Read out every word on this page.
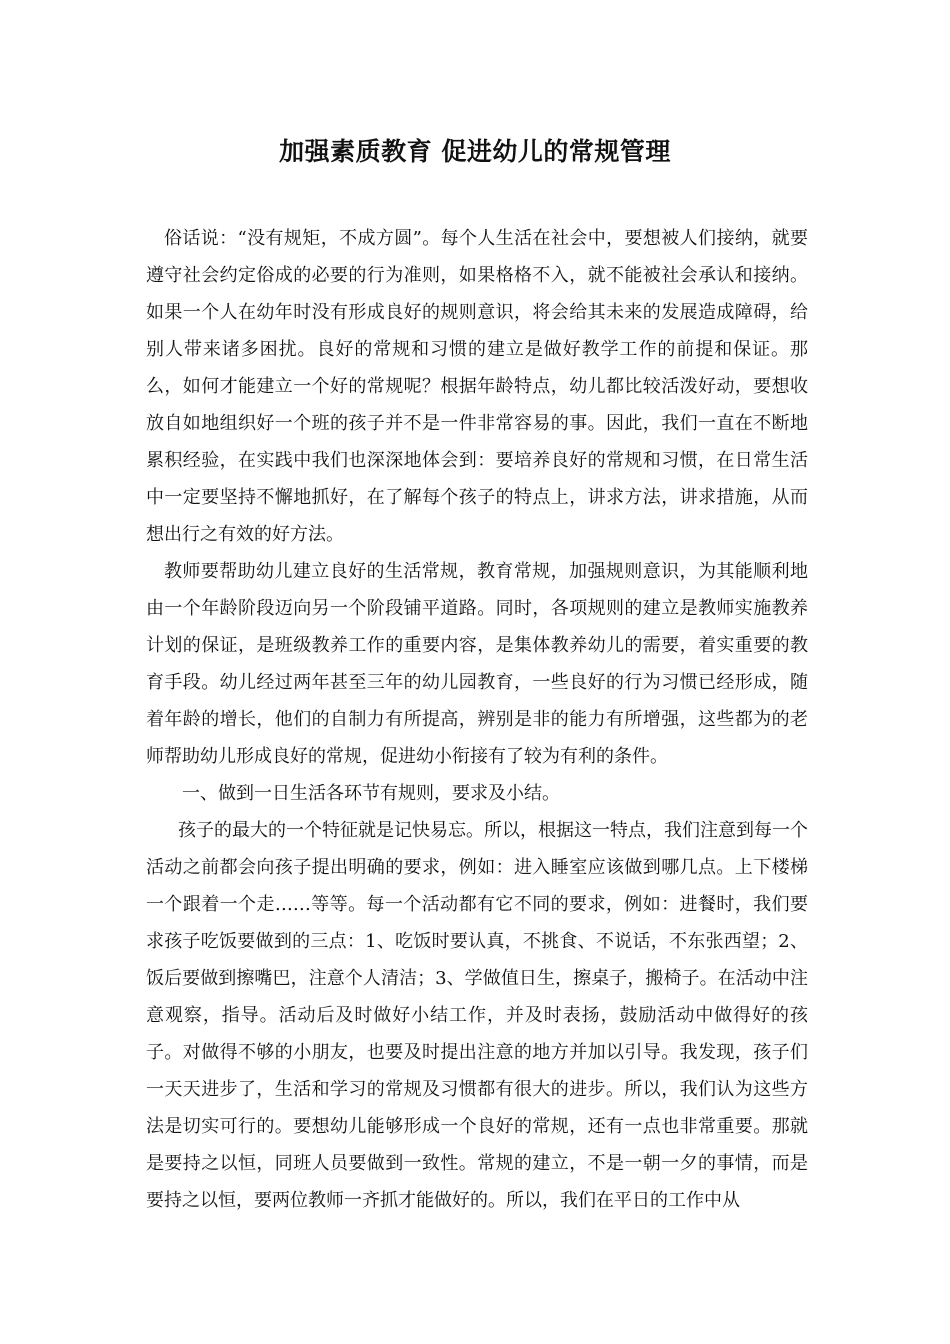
加强素质教育 促进幼儿的常规管理

俗话说：“没有规矩，不成方圆”。每个人生活在社会中，要想被人们接纳，就要遵守社会约定俗成的必要的行为准则，如果格格不入，就不能被社会承认和接纳。如果一个人在幼年时没有形成良好的规则意识，将会给其未来的发展造成障碍，给别人带来诸多困扰。良好的常规和习惯的建立是做好教学工作的前提和保证。那么，如何才能建立一个好的常规呢？根据年龄特点，幼儿都比较活泼好动，要想收放自如地组织好一个班的孩子并不是一件非常容易的事。因此，我们一直在不断地累积经验，在实践中我们也深深地体会到：要培养良好的常规和习惯，在日常生活中一定要坚持不懈地抓好，在了解每个孩子的特点上，讲求方法，讲求措施，从而想出行之有效的好方法。

教师要帮助幼儿建立良好的生活常规，教育常规，加强规则意识，为其能顺利地由一个年龄阶段迈向另一个阶段铺平道路。同时，各项规则的建立是教师实施教养计划的保证，是班级教养工作的重要内容，是集体教养幼儿的需要，着实重要的教育手段。幼儿经过两年甚至三年的幼儿园教育，一些良好的行为习惯已经形成，随着年龄的增长，他们的自制力有所提高，辨别是非的能力有所增强，这些都为的老师帮助幼儿形成良好的常规，促进幼小衔接有了较为有利的条件。

一、做到一日生活各环节有规则，要求及小结。

孩子的最大的一个特征就是记快易忘。所以，根据这一特点，我们注意到每一个活动之前都会向孩子提出明确的要求，例如：进入睡室应该做到哪几点。上下楼梯一个跟着一个走……等等。每一个活动都有它不同的要求，例如：进餐时，我们要求孩子吃饭要做到的三点：1、吃饭时要认真，不挑食、不说话，不东张西望；2、饭后要做到擦嘴巴，注意个人清洁；3、学做值日生，擦桌子，搬椅子。在活动中注意观察，指导。活动后及时做好小结工作，并及时表扬，鼓励活动中做得好的孩子。对做得不够的小朋友，也要及时提出注意的地方并加以引导。我发现，孩子们一天天进步了，生活和学习的常规及习惯都有很大的进步。所以，我们认为这些方法是切实可行的。要想幼儿能够形成一个良好的常规，还有一点也非常重要。那就是要持之以恒，同班人员要做到一致性。常规的建立，不是一朝一夕的事情，而是要持之以恒，要两位教师一齐抓才能做好的。所以，我们在平日的工作中从
